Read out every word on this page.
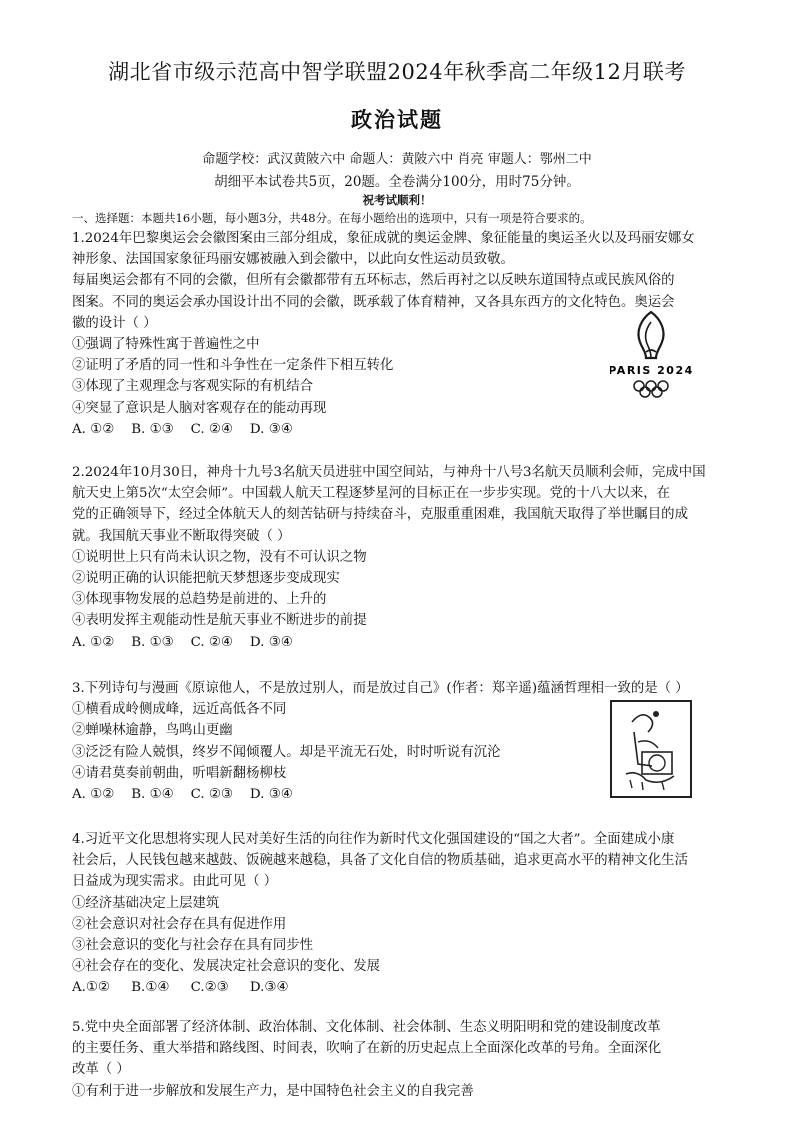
湖北省市级示范高中智学联盟2024年秋季高二年级12月联考
政治试题
命题学校：武汉黄陂六中 命题人：黄陂六中 肖亮 审题人：鄂州二中
胡细平本试卷共5页，20题。全卷满分100分，用时75分钟。
祝考试顺利！
一、选择题：本题共16小题，每小题3分，共48分。在每小题给出的选项中，只有一项是符合要求的。

1.2024年巴黎奥运会会徽图案由三部分组成，象征成就的奥运金牌、象征能量的奥运圣火以及玛丽安娜女

神形象、法国国家象征玛丽安娜被融入到会徽中，以此向女性运动员致敬。

每届奥运会都有不同的会徽，但所有会徽都带有五环标志，然后再衬之以反映东道国特点或民族风俗的

图案。不同的奥运会承办国设计出不同的会徽，既承载了体育精神，又各具东西方的文化特色。奥运会

徽的设计（ ）

①强调了特殊性寓于普遍性之中

②证明了矛盾的同一性和斗争性在一定条件下相互转化

③体现了主观理念与客观实际的有机结合

④突显了意识是人脑对客观存在的能动再现

A. ①②    B. ①③    C. ②④    D. ③④

PARIS 2024

2.2024年10月30日，神舟十九号3名航天员进驻中国空间站，与神舟十八号3名航天员顺利会师，完成中国

航天史上第5次“太空会师”。中国载人航天工程逐梦星河的目标正在一步步实现。党的十八大以来，在

党的正确领导下，经过全体航天人的刻苦钻研与持续奋斗，克服重重困难，我国航天取得了举世瞩目的成

就。我国航天事业不断取得突破（ ）

①说明世上只有尚未认识之物，没有不可认识之物

②说明正确的认识能把航天梦想逐步变成现实

③体现事物发展的总趋势是前进的、上升的

④表明发挥主观能动性是航天事业不断进步的前提

A. ①②    B. ①③    C. ②④    D. ③④

3.下列诗句与漫画《原谅他人，不是放过别人，而是放过自己》(作者：郑辛遥)蕴涵哲理相一致的是（ ）

①横看成岭侧成峰，远近高低各不同

②蝉噪林逾静，鸟鸣山更幽

③泛泛有险人兢惧，终岁不闻倾覆人。却是平流无石处，时时听说有沉沦

④请君莫奏前朝曲，听唱新翻杨柳枝

A. ①②    B. ①④    C. ②③    D. ③④

4.习近平文化思想将实现人民对美好生活的向往作为新时代文化强国建设的“国之大者”。全面建成小康

社会后，人民钱包越来越鼓、饭碗越来越稳，具备了文化自信的物质基础，追求更高水平的精神文化生活

日益成为现实需求。由此可见（ ）

①经济基础决定上层建筑

②社会意识对社会存在具有促进作用

③社会意识的变化与社会存在具有同步性

④社会存在的变化、发展决定社会意识的变化、发展

A.①②     B.①④     C.②③     D.③④

5.党中央全面部署了经济体制、政治体制、文化体制、社会体制、生态义明阳明和党的建设制度改革

的主要任务、重大举措和路线图、时间表，吹响了在新的历史起点上全面深化改革的号角。全面深化

改革（ ）

①有利于进一步解放和发展生产力，是中国特色社会主义的自我完善
